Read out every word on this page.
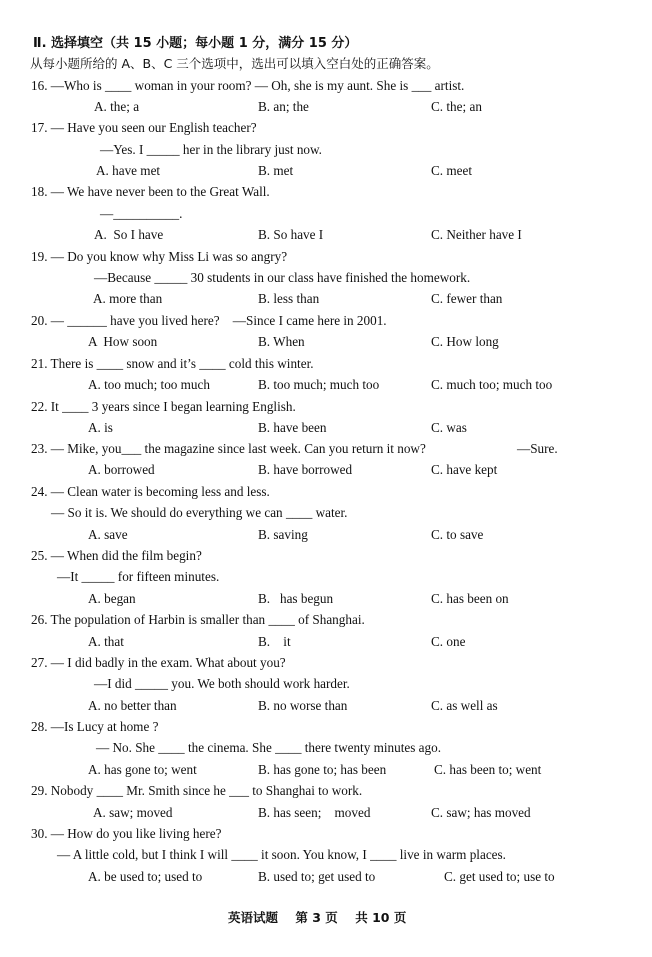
Ⅱ. 选择填空（共 15 小题；每小题 1 分，满分 15 分）
从每小题所给的 A、B、C 三个选项中，选出可以填入空白处的正确答案。
16. —Who is ____ woman in your room? — Oh, she is my aunt. She is ___ artist.
A. the; a	B. an; the	C. the; an
17. — Have you seen our English teacher?
—Yes. I _____ her in the library just now.
A. have met	B. met	C. meet
18. — We have never been to the Great Wall.
—__________.
A.  So I have	B. So have I	C. Neither have I
19. — Do you know why Miss Li was so angry?
—Because _____ 30 students in our class have finished the homework.
A. more than	B. less than	C. fewer than
20. — ______ have you lived here?    —Since I came here in 2001.
A  How soon	B. When	C. How long
21. There is ____ snow and it’s ____ cold this winter.
A. too much; too much	B. too much; much too	C. much too; much too
22. It ____ 3 years since I began learning English.
A. is	B. have been	C. was
23. — Mike, you___ the magazine since last week. Can you return it now?	—Sure.
A. borrowed	B. have borrowed	C. have kept
24. — Clean water is becoming less and less.
— So it is. We should do everything we can ____ water.
A. save	B. saving	C. to save
25. — When did the film begin?
—It _____ for fifteen minutes.
A. began	B.   has begun	C. has been on
26. The population of Harbin is smaller than ____ of Shanghai.
A. that	B.    it	C. one
27. — I did badly in the exam. What about you?
—I did _____ you. We both should work harder.
A. no better than	B. no worse than	C. as well as
28. —Is Lucy at home ?
— No. She ____ the cinema. She ____ there twenty minutes ago.
A. has gone to; went	B. has gone to; has been	C. has been to; went
29. Nobody ____ Mr. Smith since he ___ to Shanghai to work.
A. saw; moved	B. has seen;    moved	C. saw; has moved
30. — How do you like living here?
— A little cold, but I think I will ____ it soon. You know, I ____ live in warm places.
A. be used to; used to	B. used to; get used to	C. get used to; use to
英语试题    第 3 页    共 10 页
